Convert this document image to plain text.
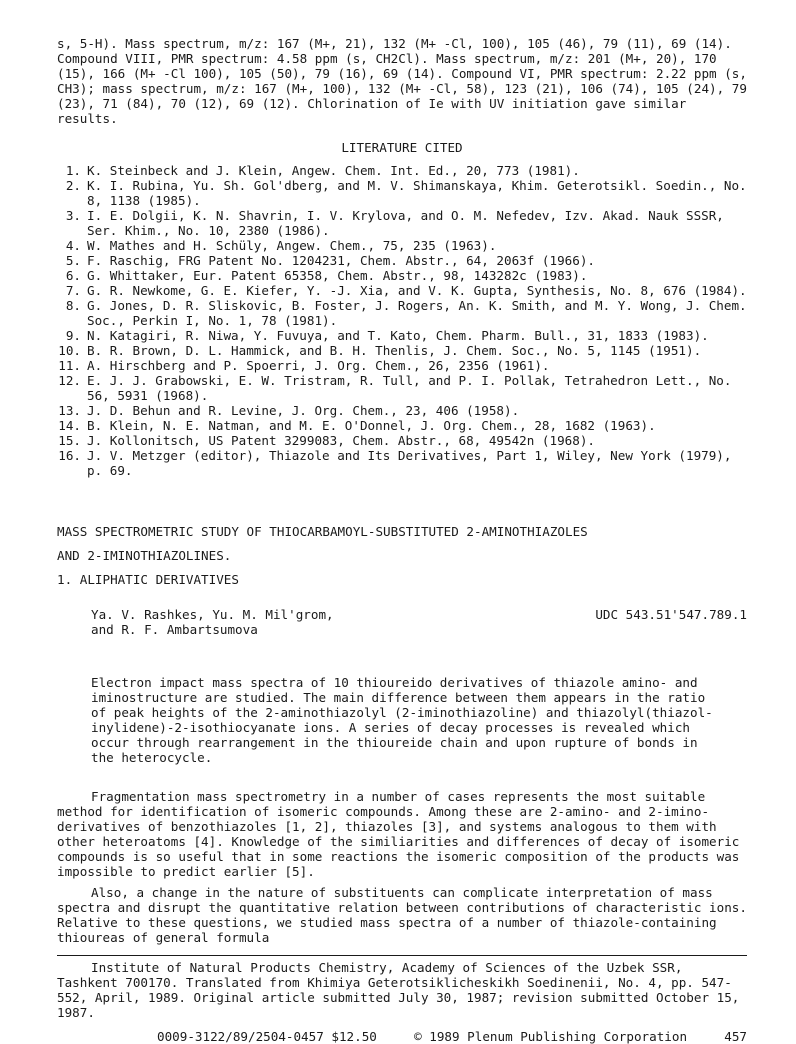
s, 5-H). Mass spectrum, m/z: 167 (M+, 21), 132 (M+ -Cl, 100), 105 (46), 79 (11), 69 (14). Compound VIII, PMR spectrum: 4.58 ppm (s, CH2Cl). Mass spectrum, m/z: 201 (M+, 20), 170 (15), 166 (M+ -Cl 100), 105 (50), 79 (16), 69 (14). Compound VI, PMR spectrum: 2.22 ppm (s, CH3); mass spectrum, m/z: 167 (M+, 100), 132 (M+ -Cl, 58), 123 (21), 106 (74), 105 (24), 79 (23), 71 (84), 70 (12), 69 (12). Chlorination of Ie with UV initiation gave similar results.

LITERATURE CITED
1. K. Steinbeck and J. Klein, Angew. Chem. Int. Ed., 20, 773 (1981).
2. K. I. Rubina, Yu. Sh. Gol'dberg, and M. V. Shimanskaya, Khim. Geterotsikl. Soedin., No. 8, 1138 (1985).
3. I. E. Dolgii, K. N. Shavrin, I. V. Krylova, and O. M. Nefedev, Izv. Akad. Nauk SSSR, Ser. Khim., No. 10, 2380 (1986).
4. W. Mathes and H. Schüly, Angew. Chem., 75, 235 (1963).
5. F. Raschig, FRG Patent No. 1204231, Chem. Abstr., 64, 2063f (1966).
6. G. Whittaker, Eur. Patent 65358, Chem. Abstr., 98, 143282c (1983).
7. G. R. Newkome, G. E. Kiefer, Y. -J. Xia, and V. K. Gupta, Synthesis, No. 8, 676 (1984).
8. G. Jones, D. R. Sliskovic, B. Foster, J. Rogers, An. K. Smith, and M. Y. Wong, J. Chem. Soc., Perkin I, No. 1, 78 (1981).
9. N. Katagiri, R. Niwa, Y. Fuvuya, and T. Kato, Chem. Pharm. Bull., 31, 1833 (1983).
10. B. R. Brown, D. L. Hammick, and B. H. Thenlis, J. Chem. Soc., No. 5, 1145 (1951).
11. A. Hirschberg and P. Spoerri, J. Org. Chem., 26, 2356 (1961).
12. E. J. J. Grabowski, E. W. Tristram, R. Tull, and P. I. Pollak, Tetrahedron Lett., No. 56, 5931 (1968).
13. J. D. Behun and R. Levine, J. Org. Chem., 23, 406 (1958).
14. B. Klein, N. E. Natman, and M. E. O'Donnel, J. Org. Chem., 28, 1682 (1963).
15. J. Kollonitsch, US Patent 3299083, Chem. Abstr., 68, 49542n (1968).
16. J. V. Metzger (editor), Thiazole and Its Derivatives, Part 1, Wiley, New York (1979), p. 69.
MASS SPECTROMETRIC STUDY OF THIOCARBAMOYL-SUBSTITUTED 2-AMINOTHIAZOLES
AND 2-IMINOTHIAZOLINES.
1. ALIPHATIC DERIVATIVES
Ya. V. Rashkes, Yu. M. Mil'grom,
and R. F. Ambartsumova
UDC 543.51'547.789.1

Electron impact mass spectra of 10 thioureido derivatives of thiazole amino- and iminostructure are studied. The main difference between them appears in the ratio of peak heights of the 2-aminothiazolyl (2-iminothiazoline) and thiazolyl(thiazol-inylidene)-2-isothiocyanate ions. A series of decay processes is revealed which occur through rearrangement in the thioureide chain and upon rupture of bonds in the heterocycle.

Fragmentation mass spectrometry in a number of cases represents the most suitable method for identification of isomeric compounds. Among these are 2-amino- and 2-imino- derivatives of benzothiazoles [1, 2], thiazoles [3], and systems analogous to them with other heteroatoms [4]. Knowledge of the similiarities and differences of decay of isomeric compounds is so useful that in some reactions the isomeric composition of the products was impossible to predict earlier [5].

Also, a change in the nature of substituents can complicate interpretation of mass spectra and disrupt the quantitative relation between contributions of characteristic ions. Relative to these questions, we studied mass spectra of a number of thiazole-containing thioureas of general formula

Institute of Natural Products Chemistry, Academy of Sciences of the Uzbek SSR, Tashkent 700170. Translated from Khimiya Geterotsiklicheskikh Soedinenii, No. 4, pp. 547-552, April, 1989. Original article submitted July 30, 1987; revision submitted October 15, 1987.

0009-3122/89/2504-0457 $12.50	© 1989 Plenum Publishing Corporation	457
